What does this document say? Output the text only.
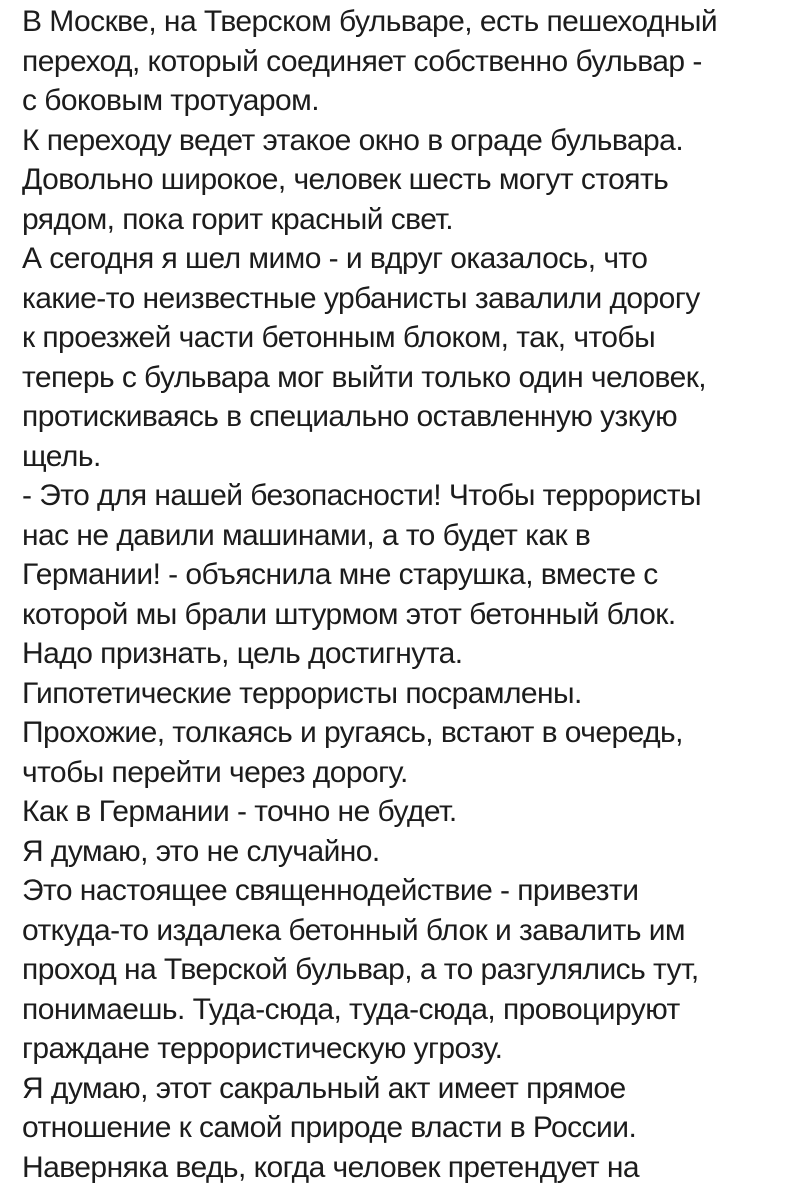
В Москве, на Тверском бульваре, есть пешеходный
переход, который соединяет собственно бульвар -
с боковым тротуаром.
К переходу ведет этакое окно в ограде бульвара.
Довольно широкое, человек шесть могут стоять
рядом, пока горит красный свет.
А сегодня я шел мимо - и вдруг оказалось, что
какие-то неизвестные урбанисты завалили дорогу
к проезжей части бетонным блоком, так, чтобы
теперь с бульвара мог выйти только один человек,
протискиваясь в специально оставленную узкую
щель.
- Это для нашей безопасности! Чтобы террористы
нас не давили машинами, а то будет как в
Германии! - объяснила мне старушка, вместе с
которой мы брали штурмом этот бетонный блок.
Надо признать, цель достигнута.
Гипотетические террористы посрамлены.
Прохожие, толкаясь и ругаясь, встают в очередь,
чтобы перейти через дорогу.
Как в Германии - точно не будет.
Я думаю, это не случайно.
Это настоящее священнодействие - привезти
откуда-то издалека бетонный блок и завалить им
проход на Тверской бульвар, а то разгулялись тут,
понимаешь. Туда-сюда, туда-сюда, провоцируют
граждане террористическую угрозу.
Я думаю, этот сакральный акт имеет прямое
отношение к самой природе власти в России.
Наверняка ведь, когда человек претендует на
